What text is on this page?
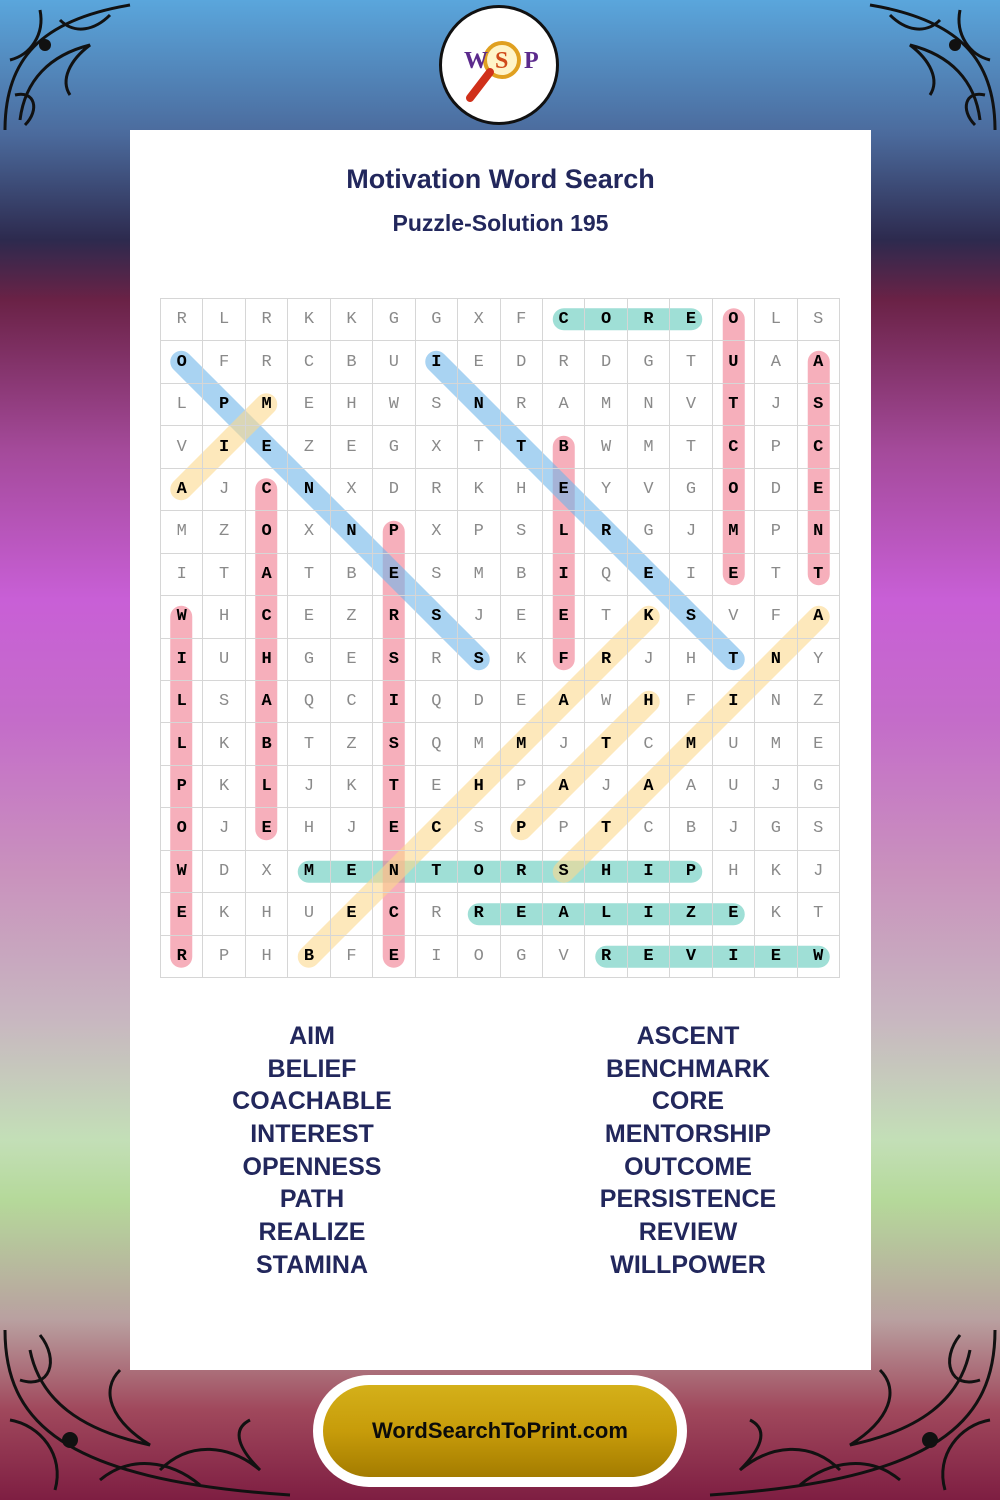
W S P
Motivation Word Search
Puzzle-Solution 195
R	L	R	K	K	G	G	X	F	C	O	R	E	O	L	S
O	F	R	C	B	U	I	E	D	R	D	G	T	U	A	A
L	P	M	E	H	W	S	N	R	A	M	N	V	T	J	S
V	I	E	Z	E	G	X	T	T	B	W	M	T	C	P	C
A	J	C	N	X	D	R	K	H	E	Y	V	G	O	D	E
M	Z	O	X	N	P	X	P	S	L	R	G	J	M	P	N
I	T	A	T	B	E	S	M	B	I	Q	E	I	E	T	T
W	H	C	E	Z	R	S	J	E	E	T	K	S	V	F	A
I	U	H	G	E	S	R	S	K	F	R	J	H	T	N	Y
L	S	A	Q	C	I	Q	D	E	A	W	H	F	I	N	Z
L	K	B	T	Z	S	Q	M	M	J	T	C	M	U	M	E
P	K	L	J	K	T	E	H	P	A	J	A	A	U	J	G
O	J	E	H	J	E	C	S	P	P	T	C	B	J	G	S
W	D	X	M	E	N	T	O	R	S	H	I	P	H	K	J
E	K	H	U	E	C	R	R	E	A	L	I	Z	E	K	T
R	P	H	B	F	E	I	O	G	V	R	E	V	I	E	W
AIM
BELIEF
COACHABLE
INTEREST
OPENNESS
PATH
REALIZE
STAMINA
ASCENT
BENCHMARK
CORE
MENTORSHIP
OUTCOME
PERSISTENCE
REVIEW
WILLPOWER
WordSearchToPrint.com
